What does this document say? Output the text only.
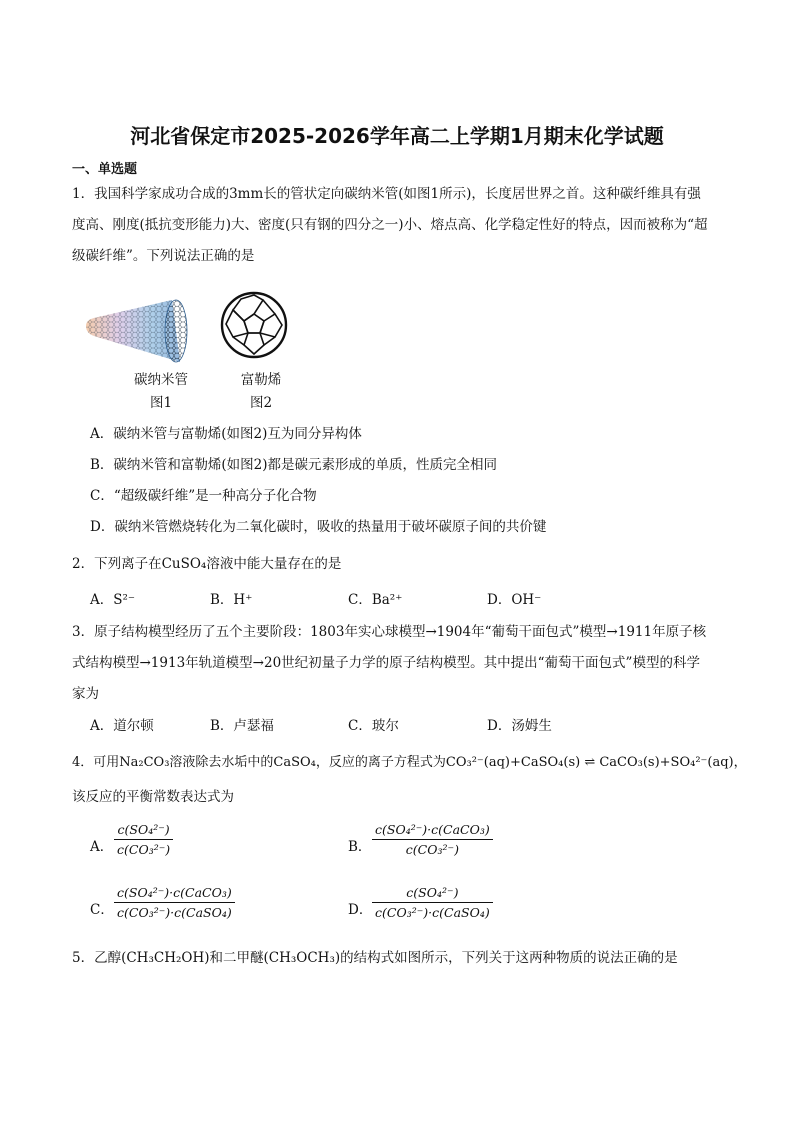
河北省保定市2025-2026学年高二上学期1月期末化学试题
一、单选题
1．我国科学家成功合成的3mm长的管状定向碳纳米管(如图1所示)，长度居世界之首。这种碳纤维具有强
度高、刚度(抵抗变形能力)大、密度(只有钢的四分之一)小、熔点高、化学稳定性好的特点，因而被称为“超
级碳纤维”。下列说法正确的是
碳纳米管
图1
富勒烯
图2
A．碳纳米管与富勒烯(如图2)互为同分异构体
B．碳纳米管和富勒烯(如图2)都是碳元素形成的单质，性质完全相同
C．“超级碳纤维”是一种高分子化合物
D．碳纳米管燃烧转化为二氧化碳时，吸收的热量用于破坏碳原子间的共价键
2．下列离子在CuSO₄溶液中能大量存在的是
A．S²⁻	B．H⁺	C．Ba²⁺	D．OH⁻
3．原子结构模型经历了五个主要阶段：1803年实心球模型→1904年“葡萄干面包式”模型→1911年原子核
式结构模型→1913年轨道模型→20世纪初量子力学的原子结构模型。其中提出“葡萄干面包式”模型的科学
家为
A．道尔顿	B．卢瑟福	C．玻尔	D．汤姆生
4．可用Na₂CO₃溶液除去水垢中的CaSO₄，反应的离子方程式为CO₃²⁻(aq)+CaSO₄(s) ⇌ CaCO₃(s)+SO₄²⁻(aq)，
该反应的平衡常数表达式为
A． $\frac{\text{c(SO₄²⁻)}}{\text{c(CO₃²⁻)}}$	B．
c(SO₄²⁻)·c(CaCO₃)
c(CO₃²⁻)
C．
c(SO₄²⁻)·c(CaCO₃)
c(CO₃²⁻)·c(CaSO₄)	D．
c(SO₄²⁻)
c(CO₃²⁻)·c(CaSO₄)
5．乙醇(CH₃CH₂OH)和二甲醚(CH₃OCH₃)的结构式如图所示，下列关于这两种物质的说法正确的是
